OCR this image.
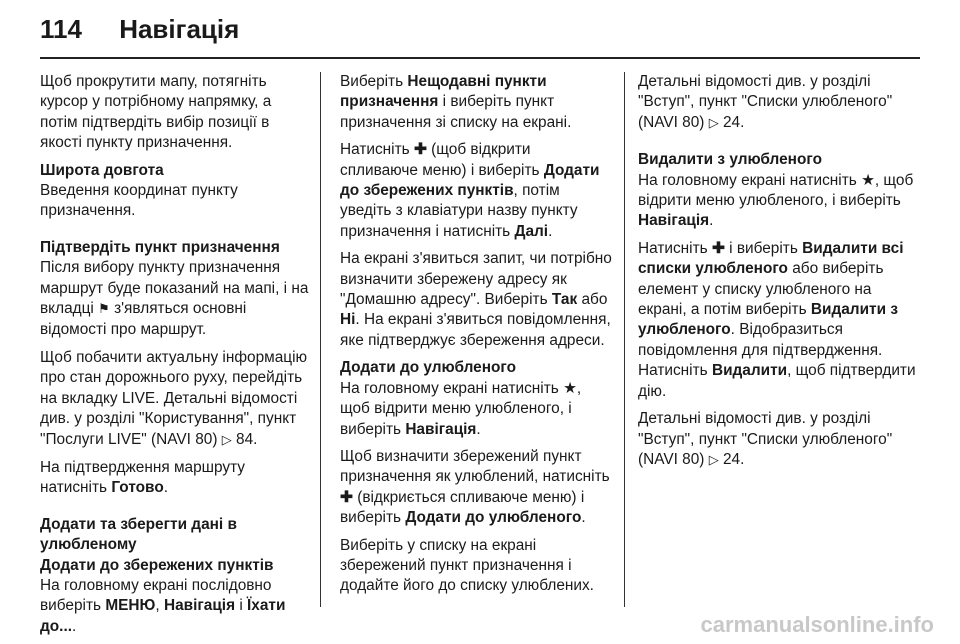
114 Навігація

Щоб прокрутити мапу, потягніть курсор у потрібному напрямку, а потім підтвердіть вибір позиції в якості пункту призначення.

Широта довгота

Введення координат пункту призначення.

Підтвердіть пункт призначення

Після вибору пункту призначення маршрут буде показаний на мапі, і на вкладці ⚑ з'являться основні відомості про маршрут.

Щоб побачити актуальну інформацію про стан дорожнього руху, перейдіть на вкладку LIVE. Детальні відомості див. у розділі "Користування", пункт "Послуги LIVE" (NAVI 80) ▷ 84.

На підтвердження маршруту натисніть Готово.

Додати та зберегти дані в улюбленому
Додати до збережених пунктів

На головному екрані послідовно виберіть МЕНЮ, Навігація і Їхати до....

Виберіть Нещодавні пункти призначення і виберіть пункт призначення зі списку на екрані.

Натисніть ✚ (щоб відкрити спливаюче меню) і виберіть Додати до збережених пунктів, потім уведіть з клавіатури назву пункту призначення і натисніть Далі.

На екрані з'явиться запит, чи потрібно визначити збережену адресу як "Домашню адресу". Виберіть Так або Ні. На екрані з'явиться повідомлення, яке підтверджує збереження адреси.

Додати до улюбленого

На головному екрані натисніть ★, щоб відрити меню улюбленого, і виберіть Навігація.

Щоб визначити збережений пункт призначення як улюблений, натисніть ✚ (відкриється спливаюче меню) і виберіть Додати до улюбленого.

Виберіть у списку на екрані збережений пункт призначення і додайте його до списку улюблених.

Детальні відомості див. у розділі "Вступ", пункт "Списки улюбленого" (NAVI 80) ▷ 24.

Видалити з улюбленого

На головному екрані натисніть ★, щоб відрити меню улюбленого, і виберіть Навігація.

Натисніть ✚ і виберіть Видалити всі списки улюбленого або виберіть елемент у списку улюбленого на екрані, а потім виберіть Видалити з улюбленого. Відобразиться повідомлення для підтвердження. Натисніть Видалити, щоб підтвердити дію.

Детальні відомості див. у розділі "Вступ", пункт "Списки улюбленого" (NAVI 80) ▷ 24.

carmanualsonline.info
